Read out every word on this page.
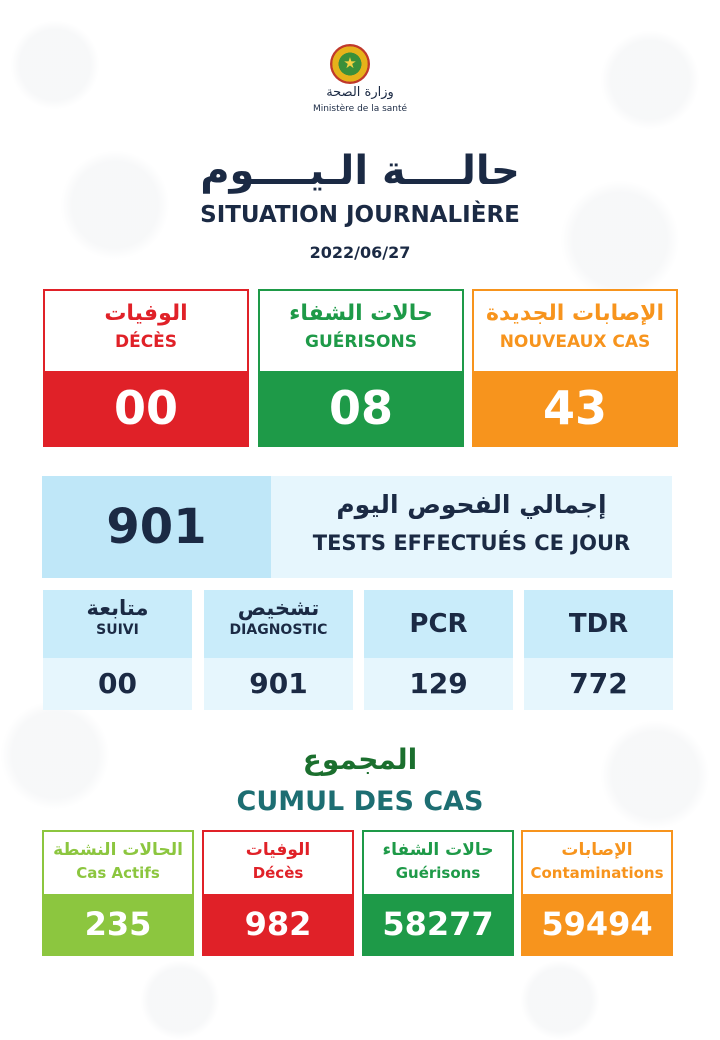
★
وزارة الصحة
Ministère de la santé
حالــــة الـيــــوم
SITUATION JOURNALIÈRE
2022/06/27
الوفيات
DÉCÈS
00
حالات الشفاء
GUÉRISONS
08
الإصابات الجديدة
NOUVEAUX CAS
43
901	إجمالي الفحوص اليوم
TESTS EFFECTUÉS CE JOUR
متابعة
SUIVI
00
تشخيص
DIAGNOSTIC
901
PCR
129
TDR
772
المجموع
CUMUL DES CAS
الحالات النشطة
Cas Actifs
235
الوفيات
Décès
982
حالات الشفاء
Guérisons
58277
الإصابات
Contaminations
59494
